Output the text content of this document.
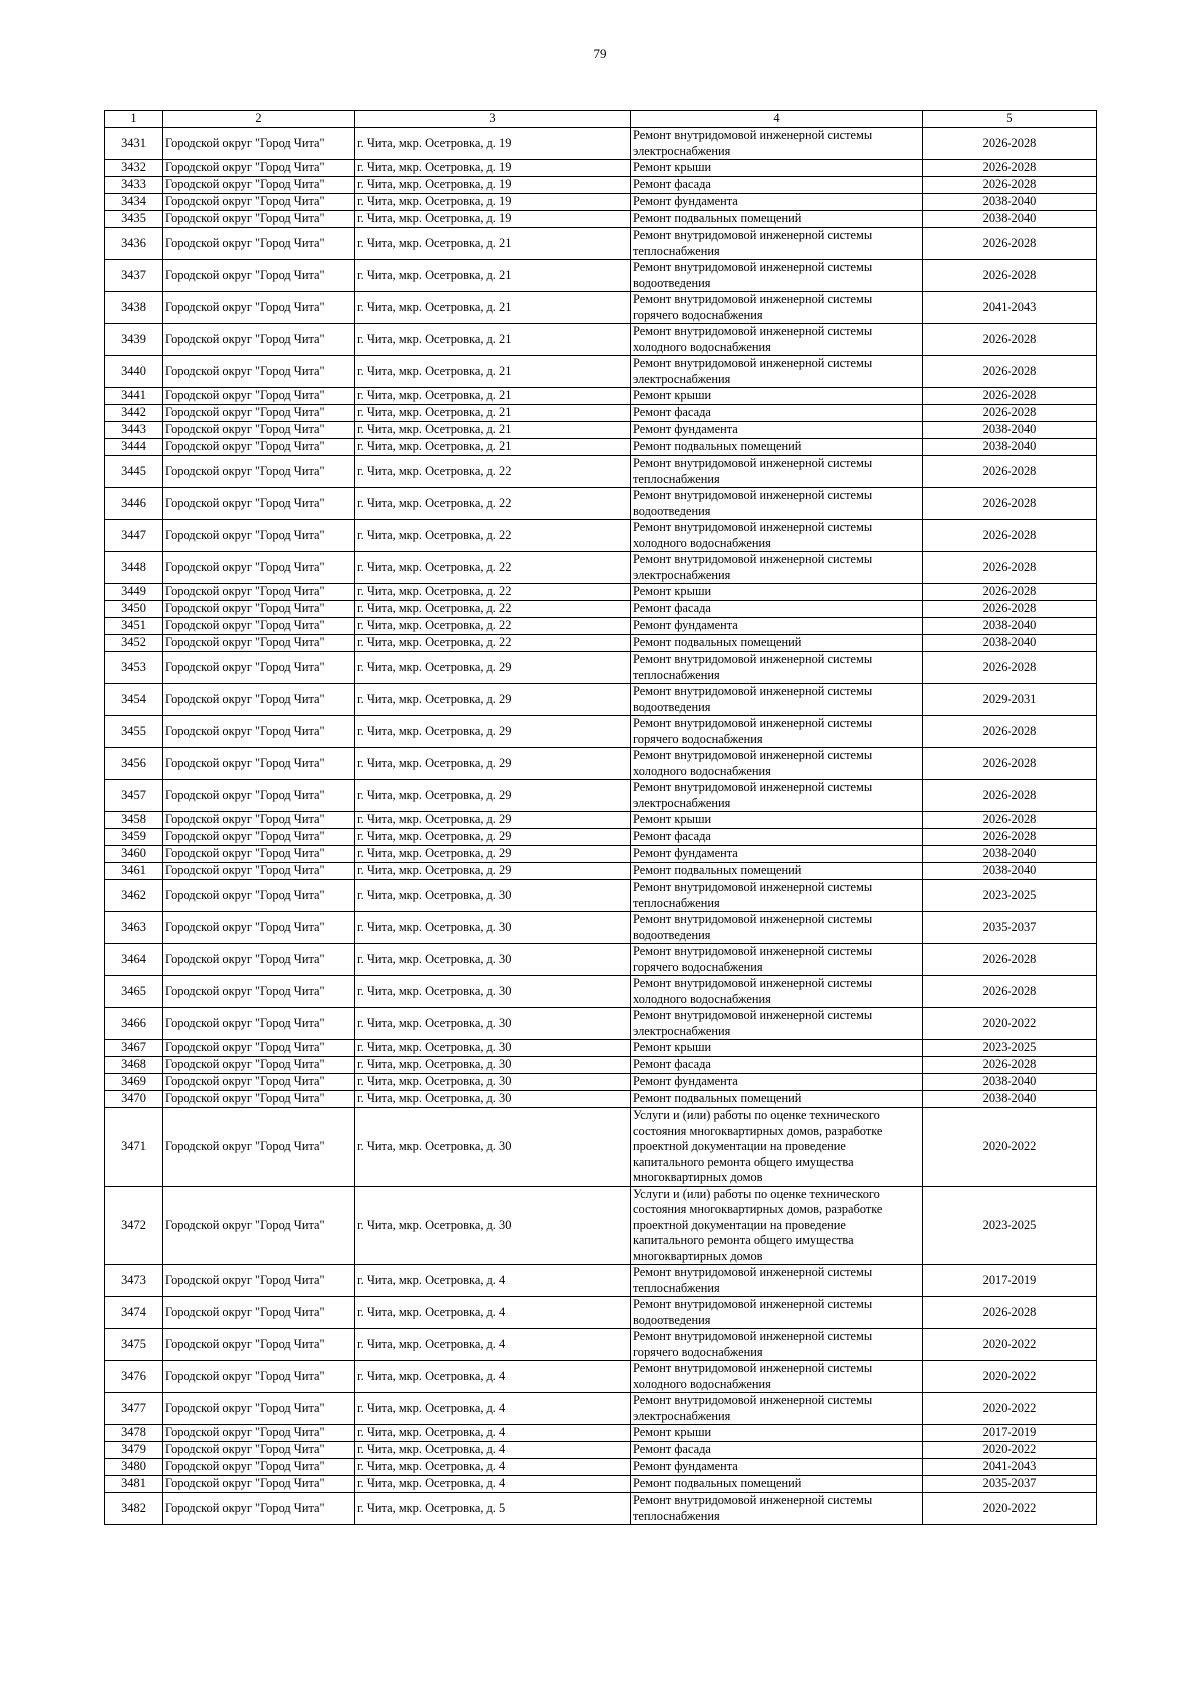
79
1	2	3	4	5
3431	Городской округ "Город Чита"	г. Чита, мкр. Осетровка, д. 19	Ремонт внутридомовой инженерной системы электроснабжения	2026-2028
3432	Городской округ "Город Чита"	г. Чита, мкр. Осетровка, д. 19	Ремонт крыши	2026-2028
3433	Городской округ "Город Чита"	г. Чита, мкр. Осетровка, д. 19	Ремонт фасада	2026-2028
3434	Городской округ "Город Чита"	г. Чита, мкр. Осетровка, д. 19	Ремонт фундамента	2038-2040
3435	Городской округ "Город Чита"	г. Чита, мкр. Осетровка, д. 19	Ремонт подвальных помещений	2038-2040
3436	Городской округ "Город Чита"	г. Чита, мкр. Осетровка, д. 21	Ремонт внутридомовой инженерной системы теплоснабжения	2026-2028
3437	Городской округ "Город Чита"	г. Чита, мкр. Осетровка, д. 21	Ремонт внутридомовой инженерной системы водоотведения	2026-2028
3438	Городской округ "Город Чита"	г. Чита, мкр. Осетровка, д. 21	Ремонт внутридомовой инженерной системы горячего водоснабжения	2041-2043
3439	Городской округ "Город Чита"	г. Чита, мкр. Осетровка, д. 21	Ремонт внутридомовой инженерной системы холодного водоснабжения	2026-2028
3440	Городской округ "Город Чита"	г. Чита, мкр. Осетровка, д. 21	Ремонт внутридомовой инженерной системы электроснабжения	2026-2028
3441	Городской округ "Город Чита"	г. Чита, мкр. Осетровка, д. 21	Ремонт крыши	2026-2028
3442	Городской округ "Город Чита"	г. Чита, мкр. Осетровка, д. 21	Ремонт фасада	2026-2028
3443	Городской округ "Город Чита"	г. Чита, мкр. Осетровка, д. 21	Ремонт фундамента	2038-2040
3444	Городской округ "Город Чита"	г. Чита, мкр. Осетровка, д. 21	Ремонт подвальных помещений	2038-2040
3445	Городской округ "Город Чита"	г. Чита, мкр. Осетровка, д. 22	Ремонт внутридомовой инженерной системы теплоснабжения	2026-2028
3446	Городской округ "Город Чита"	г. Чита, мкр. Осетровка, д. 22	Ремонт внутридомовой инженерной системы водоотведения	2026-2028
3447	Городской округ "Город Чита"	г. Чита, мкр. Осетровка, д. 22	Ремонт внутридомовой инженерной системы холодного водоснабжения	2026-2028
3448	Городской округ "Город Чита"	г. Чита, мкр. Осетровка, д. 22	Ремонт внутридомовой инженерной системы электроснабжения	2026-2028
3449	Городской округ "Город Чита"	г. Чита, мкр. Осетровка, д. 22	Ремонт крыши	2026-2028
3450	Городской округ "Город Чита"	г. Чита, мкр. Осетровка, д. 22	Ремонт фасада	2026-2028
3451	Городской округ "Город Чита"	г. Чита, мкр. Осетровка, д. 22	Ремонт фундамента	2038-2040
3452	Городской округ "Город Чита"	г. Чита, мкр. Осетровка, д. 22	Ремонт подвальных помещений	2038-2040
3453	Городской округ "Город Чита"	г. Чита, мкр. Осетровка, д. 29	Ремонт внутридомовой инженерной системы теплоснабжения	2026-2028
3454	Городской округ "Город Чита"	г. Чита, мкр. Осетровка, д. 29	Ремонт внутридомовой инженерной системы водоотведения	2029-2031
3455	Городской округ "Город Чита"	г. Чита, мкр. Осетровка, д. 29	Ремонт внутридомовой инженерной системы горячего водоснабжения	2026-2028
3456	Городской округ "Город Чита"	г. Чита, мкр. Осетровка, д. 29	Ремонт внутридомовой инженерной системы холодного водоснабжения	2026-2028
3457	Городской округ "Город Чита"	г. Чита, мкр. Осетровка, д. 29	Ремонт внутридомовой инженерной системы электроснабжения	2026-2028
3458	Городской округ "Город Чита"	г. Чита, мкр. Осетровка, д. 29	Ремонт крыши	2026-2028
3459	Городской округ "Город Чита"	г. Чита, мкр. Осетровка, д. 29	Ремонт фасада	2026-2028
3460	Городской округ "Город Чита"	г. Чита, мкр. Осетровка, д. 29	Ремонт фундамента	2038-2040
3461	Городской округ "Город Чита"	г. Чита, мкр. Осетровка, д. 29	Ремонт подвальных помещений	2038-2040
3462	Городской округ "Город Чита"	г. Чита, мкр. Осетровка, д. 30	Ремонт внутридомовой инженерной системы теплоснабжения	2023-2025
3463	Городской округ "Город Чита"	г. Чита, мкр. Осетровка, д. 30	Ремонт внутридомовой инженерной системы водоотведения	2035-2037
3464	Городской округ "Город Чита"	г. Чита, мкр. Осетровка, д. 30	Ремонт внутридомовой инженерной системы горячего водоснабжения	2026-2028
3465	Городской округ "Город Чита"	г. Чита, мкр. Осетровка, д. 30	Ремонт внутридомовой инженерной системы холодного водоснабжения	2026-2028
3466	Городской округ "Город Чита"	г. Чита, мкр. Осетровка, д. 30	Ремонт внутридомовой инженерной системы электроснабжения	2020-2022
3467	Городской округ "Город Чита"	г. Чита, мкр. Осетровка, д. 30	Ремонт крыши	2023-2025
3468	Городской округ "Город Чита"	г. Чита, мкр. Осетровка, д. 30	Ремонт фасада	2026-2028
3469	Городской округ "Город Чита"	г. Чита, мкр. Осетровка, д. 30	Ремонт фундамента	2038-2040
3470	Городской округ "Город Чита"	г. Чита, мкр. Осетровка, д. 30	Ремонт подвальных помещений	2038-2040
3471	Городской округ "Город Чита"	г. Чита, мкр. Осетровка, д. 30	Услуги и (или) работы по оценке технического состояния многоквартирных домов, разработке проектной документации на проведение капитального ремонта общего имущества многоквартирных домов	2020-2022
3472	Городской округ "Город Чита"	г. Чита, мкр. Осетровка, д. 30	Услуги и (или) работы по оценке технического состояния многоквартирных домов, разработке проектной документации на проведение капитального ремонта общего имущества многоквартирных домов	2023-2025
3473	Городской округ "Город Чита"	г. Чита, мкр. Осетровка, д. 4	Ремонт внутридомовой инженерной системы теплоснабжения	2017-2019
3474	Городской округ "Город Чита"	г. Чита, мкр. Осетровка, д. 4	Ремонт внутридомовой инженерной системы водоотведения	2026-2028
3475	Городской округ "Город Чита"	г. Чита, мкр. Осетровка, д. 4	Ремонт внутридомовой инженерной системы горячего водоснабжения	2020-2022
3476	Городской округ "Город Чита"	г. Чита, мкр. Осетровка, д. 4	Ремонт внутридомовой инженерной системы холодного водоснабжения	2020-2022
3477	Городской округ "Город Чита"	г. Чита, мкр. Осетровка, д. 4	Ремонт внутридомовой инженерной системы электроснабжения	2020-2022
3478	Городской округ "Город Чита"	г. Чита, мкр. Осетровка, д. 4	Ремонт крыши	2017-2019
3479	Городской округ "Город Чита"	г. Чита, мкр. Осетровка, д. 4	Ремонт фасада	2020-2022
3480	Городской округ "Город Чита"	г. Чита, мкр. Осетровка, д. 4	Ремонт фундамента	2041-2043
3481	Городской округ "Город Чита"	г. Чита, мкр. Осетровка, д. 4	Ремонт подвальных помещений	2035-2037
3482	Городской округ "Город Чита"	г. Чита, мкр. Осетровка, д. 5	Ремонт внутридомовой инженерной системы теплоснабжения	2020-2022
